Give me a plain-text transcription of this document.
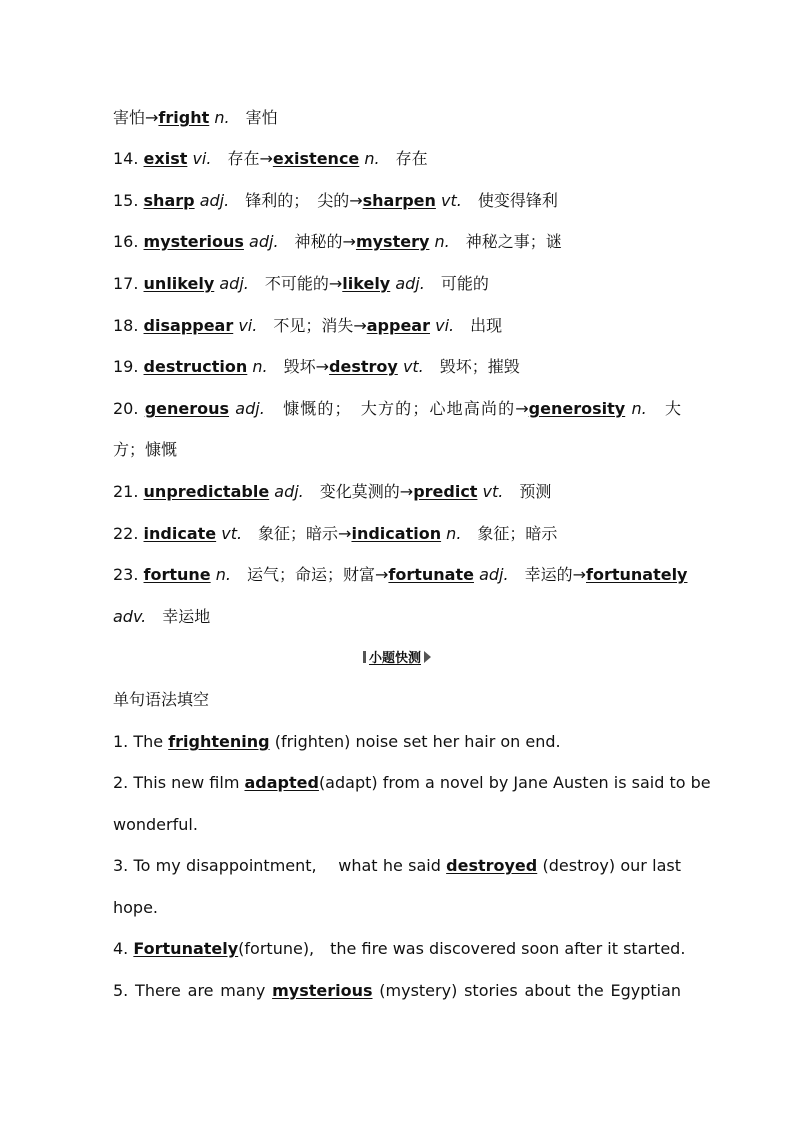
害怕→fright n.　害怕
14. exist vi.　存在→existence n.　存在
15. sharp adj.　锋利的；　尖的→sharpen vt.　使变得锋利
16. mysterious adj.　神秘的→mystery n.　神秘之事；谜
17. unlikely adj.　不可能的→likely adj.　可能的
18. disappear vi.　不见；消失→appear vi.　出现
19. destruction n.　毁坏→destroy vt.　毁坏；摧毁
20. generous adj.　慷慨的；　大方的；心地高尚的→generosity n.　大
方；慷慨
21. unpredictable adj.　变化莫测的→predict vt.　预测
22. indicate vt.　象征；暗示→indication n.　象征；暗示
23. fortune n.　运气；命运；财富→fortunate adj.　幸运的→fortunately
adv.　幸运地
小题快测
单句语法填空
1. The frightening (frighten) noise set her hair on end.
2. This new film adapted(adapt) from a novel by Jane Austen is said to be
wonderful.
3. To my disappointment,　 what he said destroyed (destroy) our last
hope.
4. Fortunately(fortune),　the fire was discovered soon after it started.
5. There are many mysterious (mystery) stories about the Egyptian
